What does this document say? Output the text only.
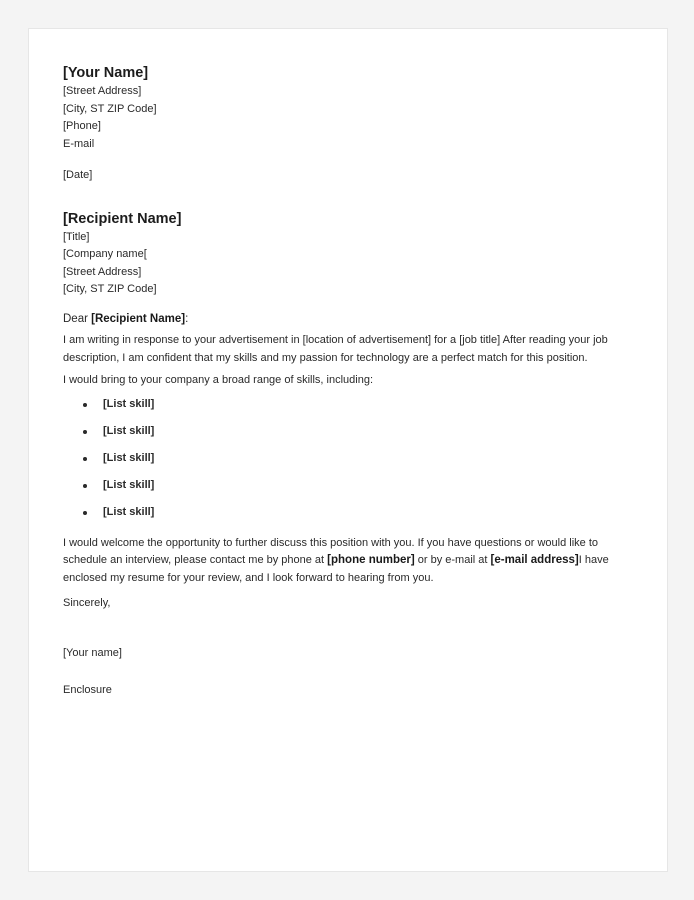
[Your Name]
[Street Address]
[City, ST ZIP Code]
[Phone]
E-mail
[Date]
[Recipient Name]
[Title]
[Company name[
[Street Address]
[City, ST ZIP Code]
Dear [Recipient Name]:

I am writing in response to your advertisement in [location of advertisement] for a [job title] After reading your job description, I am confident that my skills and my passion for technology are a perfect match for this position.

I would bring to your company a broad range of skills, including:

[List skill]
[List skill]
[List skill]
[List skill]
[List skill]

I would welcome the opportunity to further discuss this position with you. If you have questions or would like to schedule an interview, please contact me by phone at [phone number] or by e-mail at [e-mail address]I have enclosed my resume for your review, and I look forward to hearing from you.

Sincerely,
[Your name]
Enclosure
